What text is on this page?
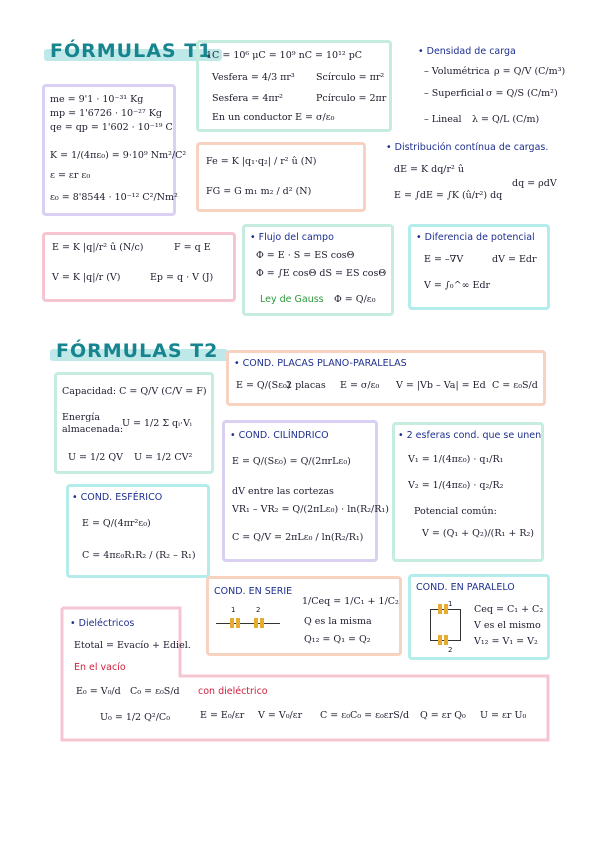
FÓRMULAS T1
me = 9'1 · 10⁻³¹ Kg
mp = 1'6726 · 10⁻²⁷ Kg
qe = qp = 1'602 · 10⁻¹⁹ C
K = 1/(4πε₀) = 9·10⁹ Nm²/C²
ε = εr ε₀
ε₀ = 8'8544 · 10⁻¹² C²/Nm²
1C = 10⁶ μC = 10⁹ nC = 10¹² pC
Vesfera = 4/3 πr³ Scírculo = πr²
Sesfera = 4πr²	Pcírculo = 2πr
En un conductor E = σ/ε₀
• Densidad de carga
– Volumétrica ρ = Q/V (C/m³)
– Superficial σ = Q/S (C/m²)
– Lineal λ = Q/L (C/m)
Fe = K |q₁·q₂| / r² û (N)
FG = G m₁ m₂ / d² (N)
• Distribución contínua de cargas.
dE = K dq/r² û
E = ∫dE = ∫K (û/r²) dq
dq = ρdV
E = K |q|/r² û (N/c)	F = q E
V = K |q|/r (V)	Ep = q · V (J)
• Flujo del campo
Φ = E · S = ES cosΘ
Φ = ∫E cosΘ dS = ES cosΘ
Ley de Gauss Φ = Q/ε₀
• Diferencia de potencial
E = –∇V	dV = Edr
V = ∫₀^∞ Edr
FÓRMULAS T2
Capacidad: C = Q/V (C/V = F)
Energía
almacenada:
U = 1/2 Σ qᵢ·Vᵢ
U = 1/2 QV U = 1/2 CV²
• COND. PLACAS PLANO-PARALELAS
E = Q/(Sε₀)
2 placas E = σ/ε₀ V = |Vb – Va| = Ed C = ε₀S/d
• COND. CILÍNDRICO
E = Q/(Sε₀) = Q/(2πrLε₀)
dV entre las cortezas
VR₁ – VR₂ = Q/(2πLε₀) · ln(R₂/R₁)
C = Q/V = 2πLε₀ / ln(R₂/R₁)
• 2 esferas cond. que se unen
V₁ = 1/(4πε₀) · q₁/R₁
V₂ = 1/(4πε₀) · q₂/R₂
Potencial común:
V = (Q₁ + Q₂)/(R₁ + R₂)
• COND. ESFÉRICO
E = Q/(4πr²ε₀)
C = 4πε₀R₁R₂ / (R₂ – R₁)
COND. EN SERIE
1	2
1/Ceq = 1/C₁ + 1/C₂
Q es la misma
Q₁₂ = Q₁ = Q₂
COND. EN PARALELO
1
2
Ceq = C₁ + C₂
V es el mismo
V₁₂ = V₁ = V₂
• Dieléctricos
Etotal = Evacío + Ediel.
En el vacío
E₀ = V₀/d C₀ = ε₀S/d
U₀ = 1/2 Q²/C₀
con dieléctrico
E = E₀/εr V = V₀/εr C = ε₀C₀ = ε₀εrS/d Q = εr Q₀ U = εr U₀
